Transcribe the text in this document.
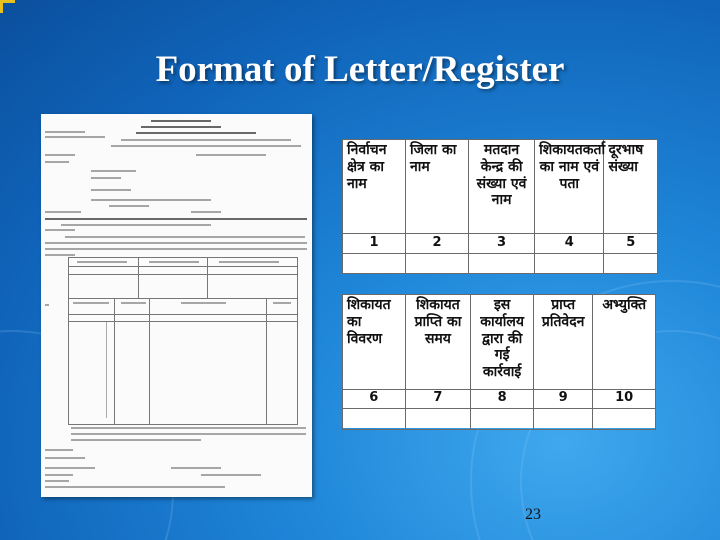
Format of Letter/Register
निर्वाचन क्षेत्र का नाम	जिला का नाम	मतदान केन्द्र की संख्या एवं नाम	शिकायतकर्ता का नाम एवं पता	दूरभाष संख्या
1	2	3	4	5

शिकायत का विवरण	शिकायत प्राप्ति का समय	इस कार्यालय द्वारा की गई कार्रवाई	प्राप्त प्रतिवेदन	अभ्युक्ति
6	7	8	9	10

23
